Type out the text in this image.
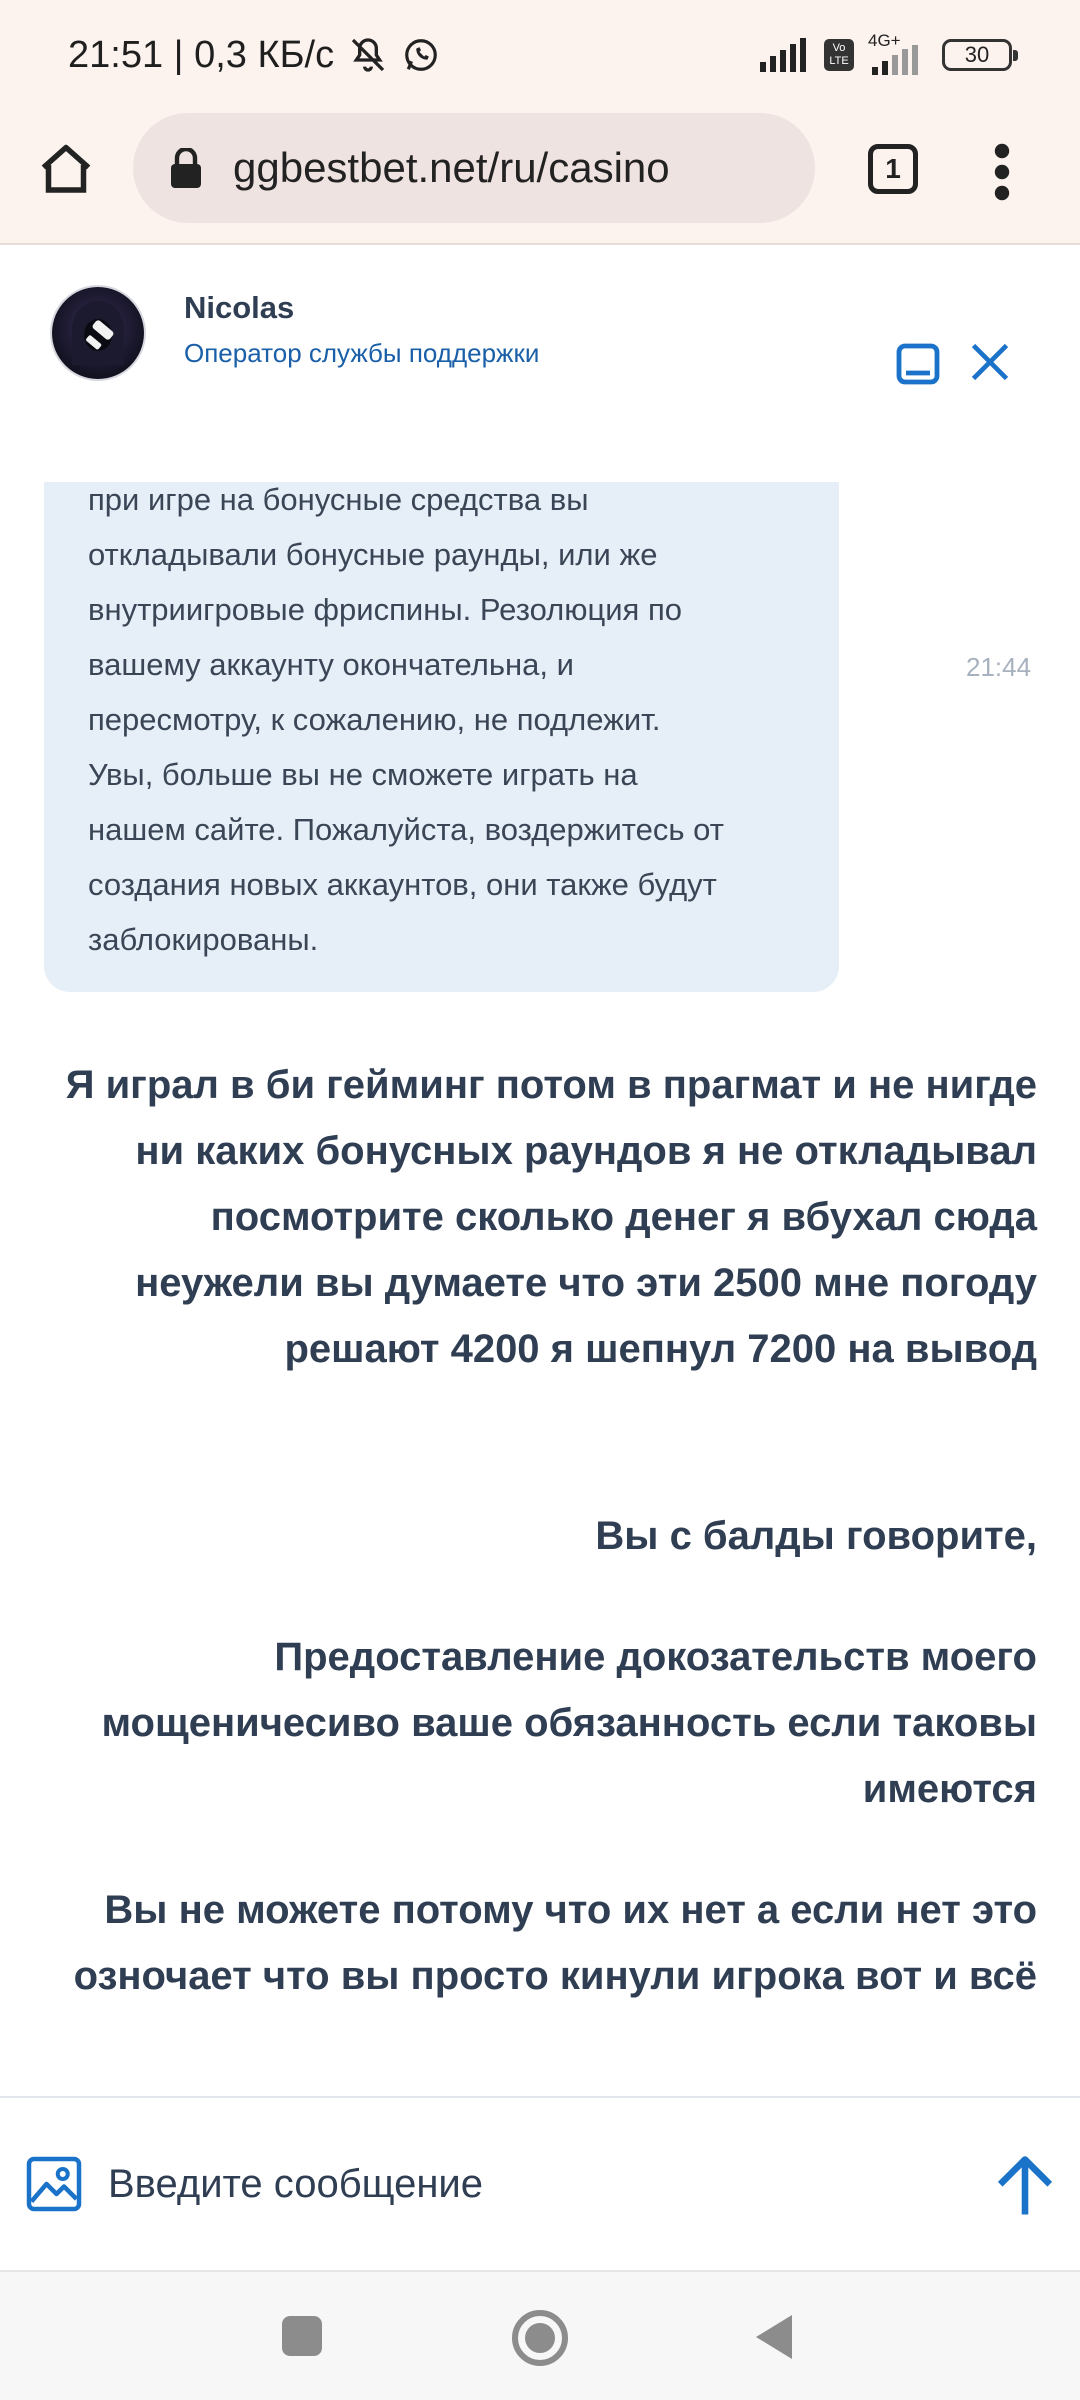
21:51 | 0,3 КБ/с	Vo LTE
4G+
30
ggbestbet.net/ru/casino	1
Nicolas
Оператор службы поддержки

при игре на бонусные средства вы

откладывали бонусные раунды, или же

внутриигровые фриспины. Резолюция по

вашему аккаунту окончательна, и

пересмотру, к сожалению, не подлежит.

Увы, больше вы не сможете играть на

нашем сайте. Пожалуйста, воздержитесь от

создания новых аккаунтов, они также будут

заблокированы.

21:44
Я играл в би гейминг потом в прагмат и не нигде ни каких бонусных раундов я не откладывал посмотрите сколько денег я вбухал сюда неужели вы думаете что эти 2500 мне погоду решают 4200 я шепнул 7200 на вывод
Вы с балды говорите,
Предоставление докозательств моего мощеничесиво ваше обязанность если таковы имеются
Вы не можете потому что их нет а если нет это озночает что вы просто кинули игрока вот и всё
Введите сообщение
